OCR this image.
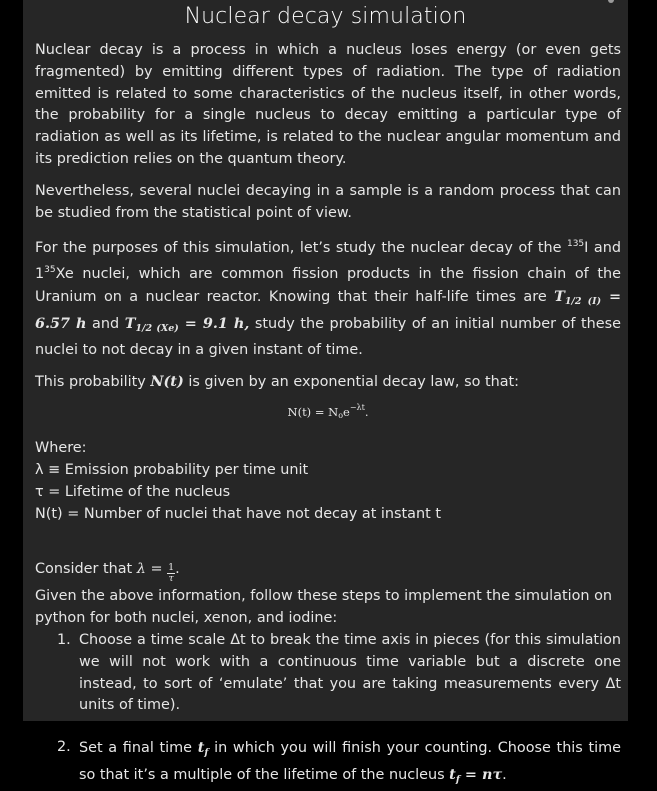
Nuclear decay simulation

Nuclear decay is a process in which a nucleus loses energy (or even gets fragmented) by emitting different types of radiation. The type of radiation emitted is related to some characteristics of the nucleus itself, in other words, the probability for a single nucleus to decay emitting a particular type of radiation as well as its lifetime, is related to the nuclear angular momentum and its prediction relies on the quantum theory.

Nevertheless, several nuclei decaying in a sample is a random process that can be studied from the statistical point of view.

For the purposes of this simulation, let’s study the nuclear decay of the $^{135}$I and $1^{35}Xe$ nuclei, which are common fission products in the fission chain of the Uranium on a nuclear reactor. Knowing that their half-life times are $T_{1/2 (I)} = 6.57$ h and $T_{1/2 (Xe)} = 9.1$ h, study the probability of an initial number of these nuclei to not decay in a given instant of time.

This probability N(t) is given by an exponential decay law, so that:

$N(t) = N_oe^{-\lambda t}$.
Where:
λ ≡ Emission probability per time unit
τ = Lifetime of the nucleus
N(t) = Number of nuclei that have not decay at instant t

Consider that $\lambda = \frac{1}{\tau}$ .

Given the above information, follow these steps to implement the simulation on python for both nuclei, xenon, and iodine:

1. Choose a time scale Δt to break the time axis in pieces (for this simulation we will not work with a continuous time variable but a discrete one instead, to sort of ‘emulate’ that you are taking measurements every Δt units of time).
2. Set a final time $t_f$ in which you will finish your counting. Choose this time so that it’s a multiple of the lifetime of the nucleus $t_f = n\tau$.
